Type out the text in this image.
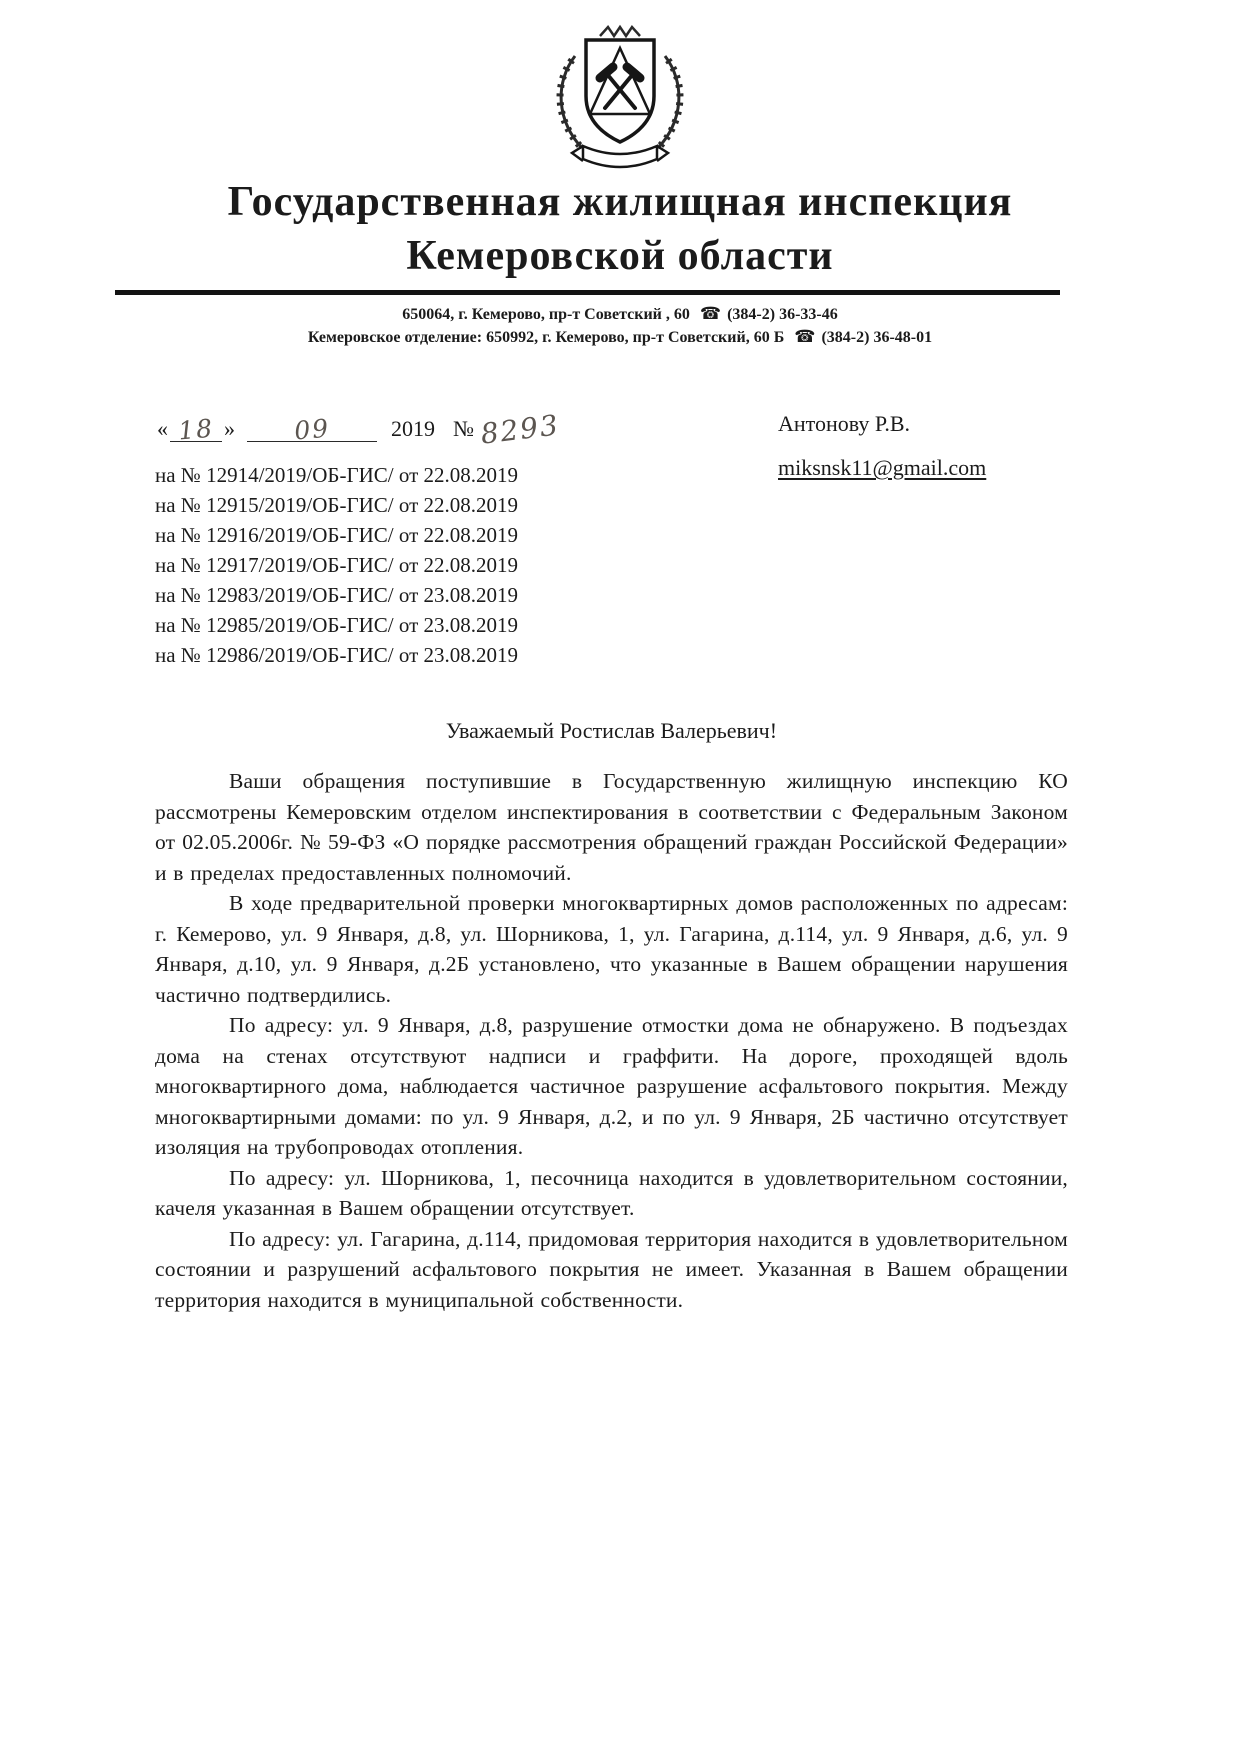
Государственная жилищная инспекция
Кемеровской области
650064, г. Кемерово, пр-т Советский , 60 ☎ (384-2) 36-33-46
Кемеровское отделение: 650992, г. Кемерово, пр-т Советский, 60 Б ☎ (384-2) 36-48-01
« 18 »	09	2019 № 8293
на № 12914/2019/ОБ-ГИС/ от 22.08.2019
на № 12915/2019/ОБ-ГИС/ от 22.08.2019
на № 12916/2019/ОБ-ГИС/ от 22.08.2019
на № 12917/2019/ОБ-ГИС/ от 22.08.2019
на № 12983/2019/ОБ-ГИС/ от 23.08.2019
на № 12985/2019/ОБ-ГИС/ от 23.08.2019
на № 12986/2019/ОБ-ГИС/ от 23.08.2019
Антонову Р.В.
miksnsk11@gmail.com
Уважаемый Ростислав Валерьевич!

Ваши обращения поступившие в Государственную жилищную инспекцию КО рассмотрены Кемеровским отделом инспектирования в соответствии с Федеральным Законом от 02.05.2006г. № 59-ФЗ «О порядке рассмотрения обращений граждан Российской Федерации» и в пределах предоставленных полномочий.

В ходе предварительной проверки многоквартирных домов расположенных по адресам: г. Кемерово, ул. 9 Января, д.8, ул. Шорникова, 1, ул. Гагарина, д.114, ул. 9 Января, д.6, ул. 9 Января, д.10, ул. 9 Января, д.2Б установлено, что указанные в Вашем обращении нарушения частично подтвердились.

По адресу: ул. 9 Января, д.8, разрушение отмостки дома не обнаружено. В подъездах дома на стенах отсутствуют надписи и граффити. На дороге, проходящей вдоль многоквартирного дома, наблюдается частичное разрушение асфальтового покрытия. Между многоквартирными домами: по ул. 9 Января, д.2, и по ул. 9 Января, 2Б частично отсутствует изоляция на трубопроводах отопления.

По адресу: ул. Шорникова, 1, песочница находится в удовлетворительном состоянии, качеля указанная в Вашем обращении отсутствует.

По адресу: ул. Гагарина, д.114, придомовая территория находится в удовлетворительном состоянии и разрушений асфальтового покрытия не имеет. Указанная в Вашем обращении территория находится в муниципальной собственности.
